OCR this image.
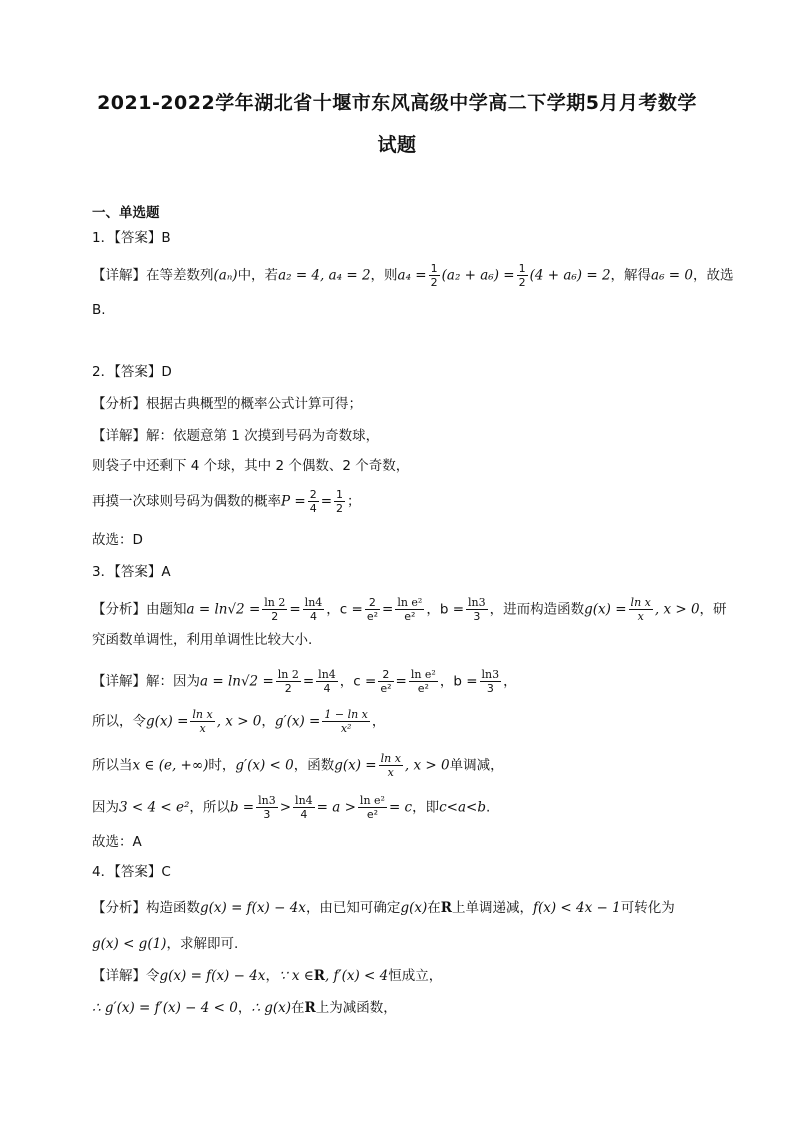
2021-2022学年湖北省十堰市东风高级中学高二下学期5月月考数学
试题
一、单选题
1．【答案】B
【详解】在等差数列(aₙ)中，若a₂ = 4, a₄ = 2，则$a_4 = \frac{1}{2} (a_2 + a_6) = \frac{1}{2} (4 + a_6) = 2$，解得a₆ = 0，故选
B.
2．【答案】D
【分析】根据古典概型的概率公式计算可得；
【详解】解：依题意第 1 次摸到号码为奇数球，
则袋子中还剩下 4 个球，其中 2 个偶数、2 个奇数，
再摸一次球则号码为偶数的概率$P = \frac{2}{4} = \frac{1}{2}$ ；
故选：D
3．【答案】A
【分析】由题知$a = \ln√2 = \frac{\ln 2}{2} = \frac{\ln 4}{4}$ ，$c = \frac{2}{\text{e²}} = \frac{\text{ln e²}}{\text{e²}}$ ，$b = \frac{\ln 3}{3}$ ，进而构造函数$g(x) = \frac{\text{ln x}}{x}$ , x > 0，研
究函数单调性，利用单调性比较大小.
【详解】解：因为$a = \ln√2 = \frac{\ln 2}{2} = \frac{\ln 4}{4}$ ，$c = \frac{2}{\text{e²}} = \frac{\text{ln e²}}{\text{e²}}$ ，$b = \frac{\ln 3}{3}$ ，
所以，令$g(x) = \frac{\text{ln x}}{x}$ , x > 0，$g'(x) = \frac{\text{1 − ln x}}{\text{x²}}$ ，
所以当x ∈ (e, +∞)时，g′(x) < 0，函数$g(x) = \frac{\text{ln x}}{x}$ , x > 0单调减，
因为3 < 4 < e²，所以$b = \frac{\ln 3}{3} > \frac{\ln 4}{4} = a > \frac{\text{ln e²}}{\text{e²}} = c$，即c<a<b.
故选：A
4．【答案】C
【分析】构造函数g(x) = f(x) − 4x，由已知可确定g(x)在R上单调递减，f(x) < 4x − 1可转化为
g(x) < g(1)，求解即可.
【详解】令g(x) = f(x) − 4x，∵ x ∈R, f′(x) < 4恒成立，
∴ g′(x) = f′(x) − 4 < 0，∴ g(x)在R上为减函数，
